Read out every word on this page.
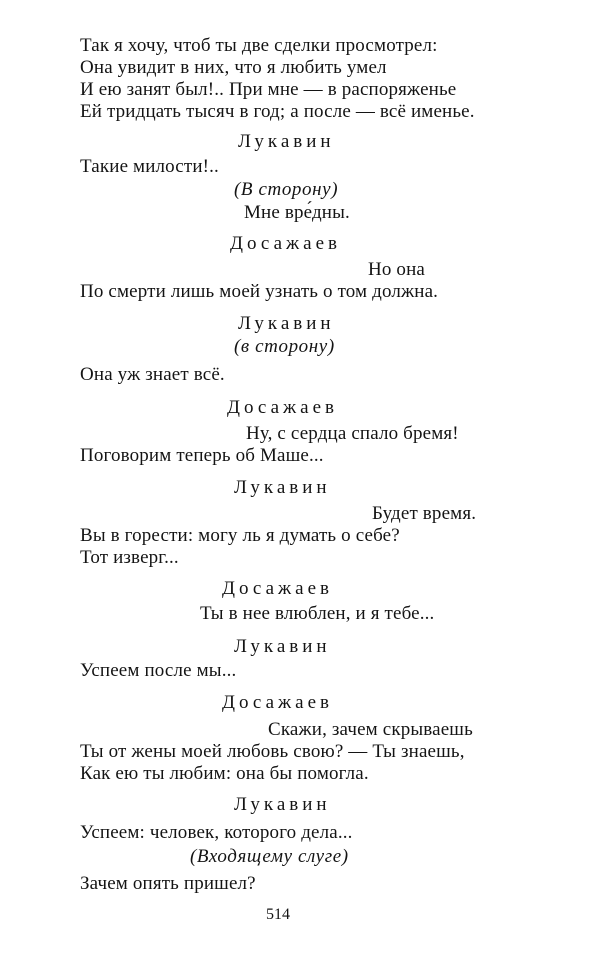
Так я хочу, чтоб ты две сделки просмотрел:
Она увидит в них, что я любить умел
И ею занят был!.. При мне — в распоряженье
Ей тридцать тысяч в год; а после — всё именье.
Лукавин
Такие милости!..
(В сторону)
Мне вре́дны.
Досажаев
Но она
По смерти лишь моей узнать о том должна.
Лукавин
(в сторону)
Она уж знает всё.
Досажаев
Ну, с сердца спало бремя!
Поговорим теперь об Маше...
Лукавин
Будет время.
Вы в горести: могу ль я думать о себе?
Тот изверг...
Досажаев
Ты в нее влюблен, и я тебе...
Лукавин
Успеем после мы...
Досажаев
Скажи, зачем скрываешь
Ты от жены моей любовь свою? — Ты знаешь,
Как ею ты любим: она бы помогла.
Лукавин
Успеем: человек, которого дела...
(Входящему слуге)
Зачем опять пришел?
514
